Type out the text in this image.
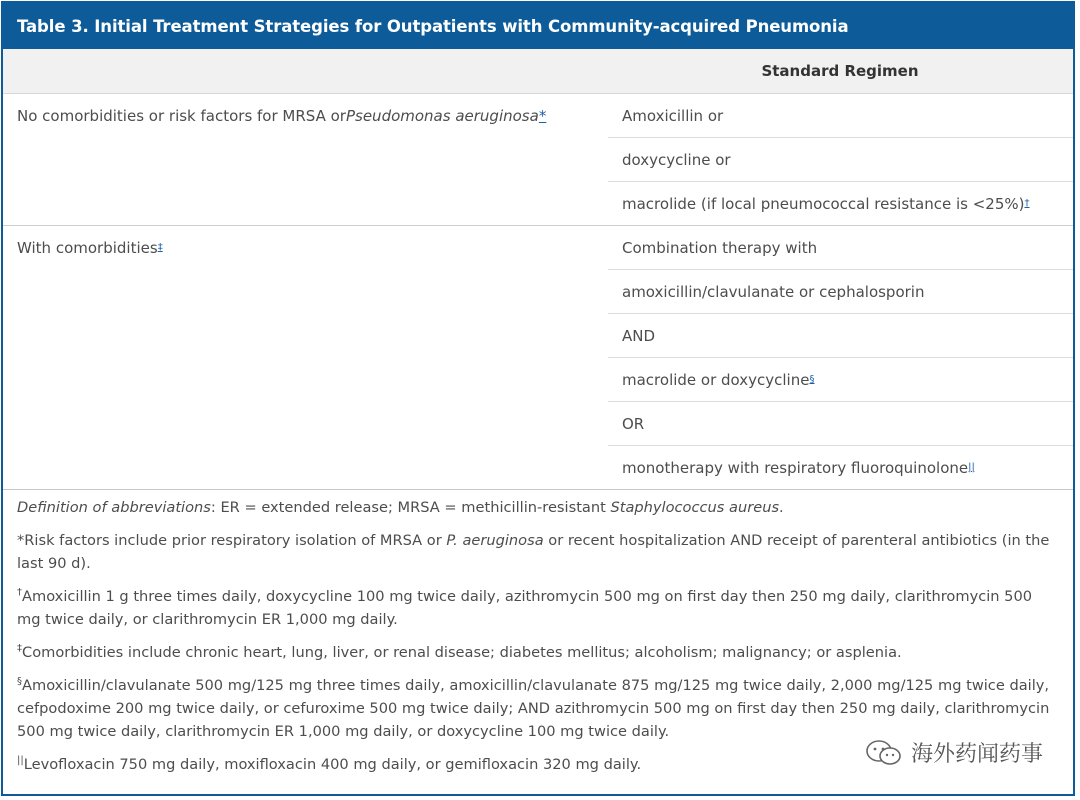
Table 3. Initial Treatment Strategies for Outpatients with Community-acquired Pneumonia
Standard Regimen
No comorbidities or risk factors for MRSA or Pseudomonas aeruginosa *	Amoxicillin or
doxycycline or
macrolide (if local pneumococcal resistance is <25%) †
With comorbidities ‡	Combination therapy with
amoxicillin/clavulanate or cephalosporin
AND
macrolide or doxycycline §
OR
monotherapy with respiratory fluoroquinolone ||

Definition of abbreviations: ER = extended release; MRSA = methicillin-resistant Staphylococcus aureus.

*Risk factors include prior respiratory isolation of MRSA or P. aeruginosa or recent hospitalization AND receipt of parenteral antibiotics (in the last 90 d).

†Amoxicillin 1 g three times daily, doxycycline 100 mg twice daily, azithromycin 500 mg on first day then 250 mg daily, clarithromycin 500 mg twice daily, or clarithromycin ER 1,000 mg daily.

‡Comorbidities include chronic heart, lung, liver, or renal disease; diabetes mellitus; alcoholism; malignancy; or asplenia.

§Amoxicillin/clavulanate 500 mg/125 mg three times daily, amoxicillin/clavulanate 875 mg/125 mg twice daily, 2,000 mg/125 mg twice daily, cefpodoxime 200 mg twice daily, or cefuroxime 500 mg twice daily; AND azithromycin 500 mg on first day then 250 mg daily, clarithromycin 500 mg twice daily, clarithromycin ER 1,000 mg daily, or doxycycline 100 mg twice daily.

||Levofloxacin 750 mg daily, moxifloxacin 400 mg daily, or gemifloxacin 320 mg daily.	海外药闻药事
